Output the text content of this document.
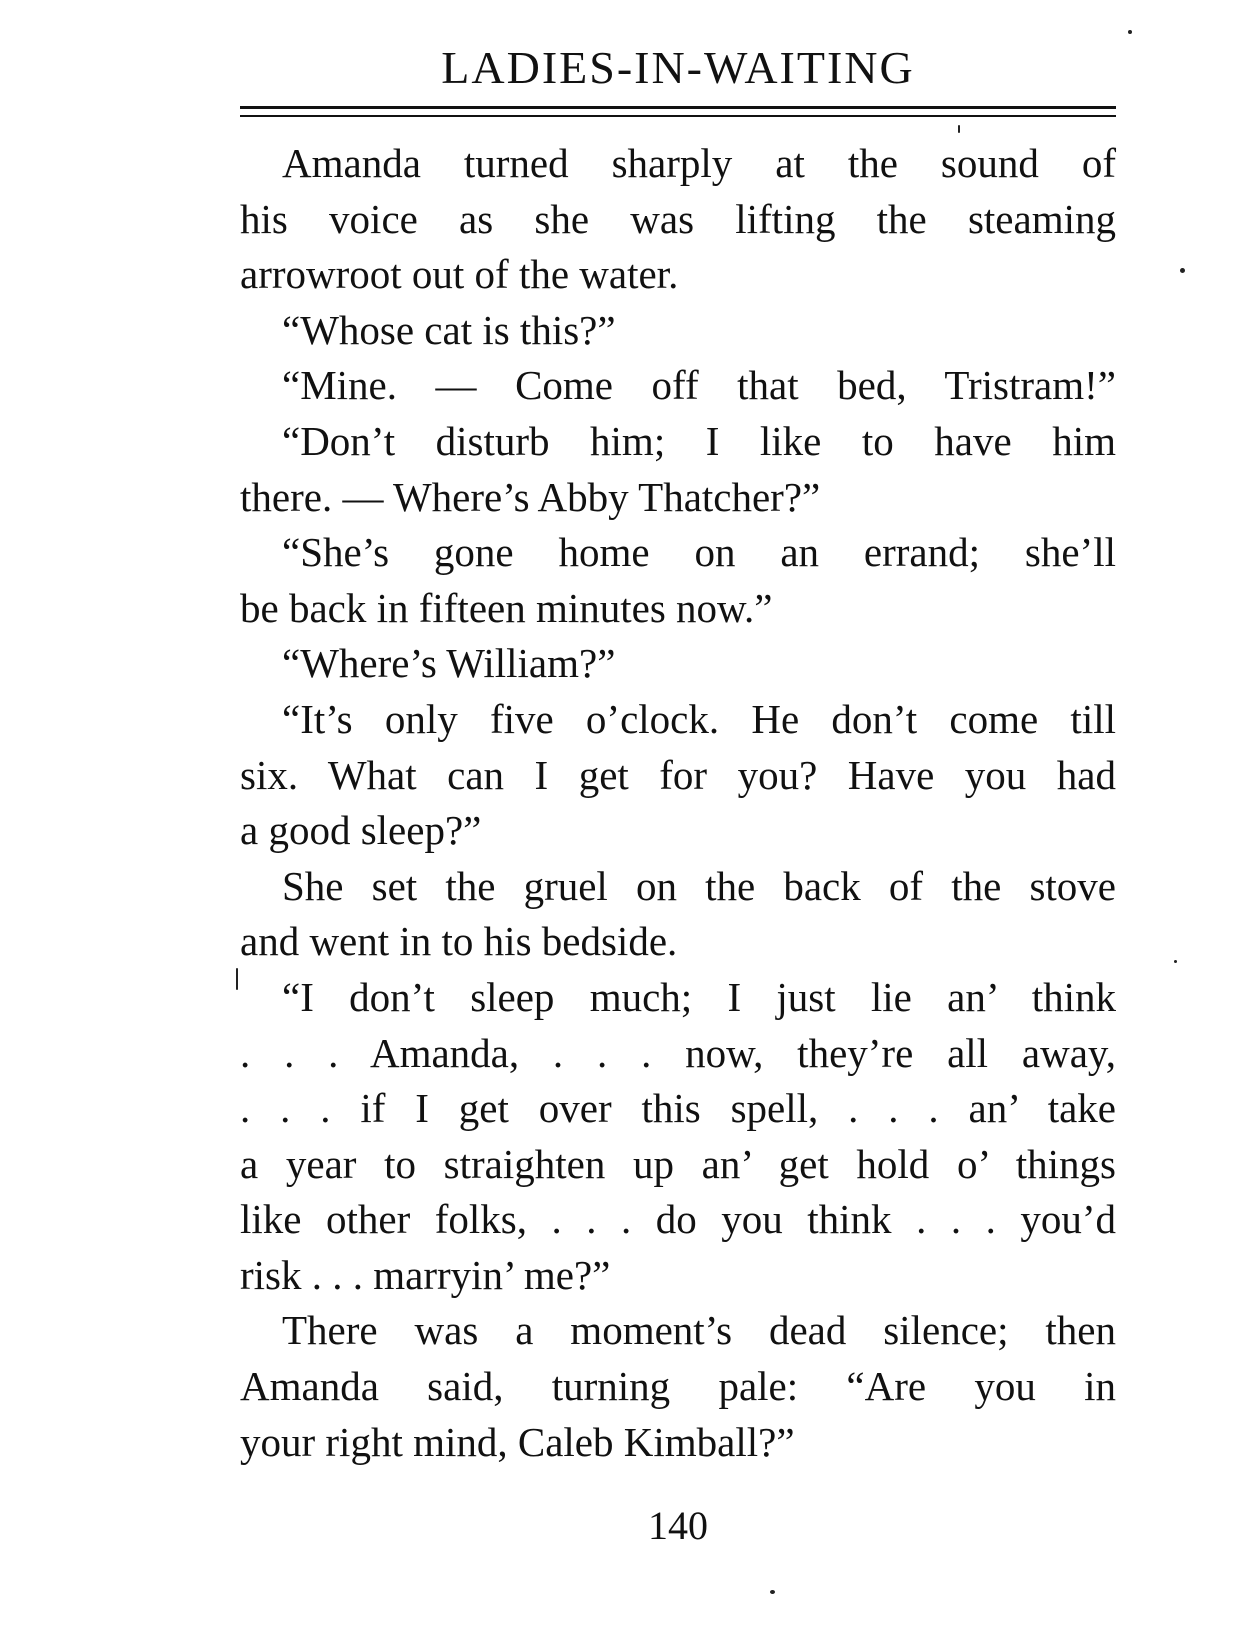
LADIES-IN-WAITING
Amanda turned sharply at the sound of
his voice as she was lifting the steaming
arrowroot out of the water.
“Whose cat is this?”
“Mine. — Come off that bed, Tristram!”
“Don’t disturb him; I like to have him
there. — Where’s Abby Thatcher?”
“She’s gone home on an errand; she’ll
be back in fifteen minutes now.”
“Where’s William?”
“It’s only five o’clock. He don’t come till
six. What can I get for you? Have you had
a good sleep?”
She set the gruel on the back of the stove
and went in to his bedside.
“I don’t sleep much; I just lie an’ think
. . . Amanda, . . . now, they’re all away,
. . . if I get over this spell, . . . an’ take
a year to straighten up an’ get hold o’ things
like other folks, . . . do you think . . . you’d
risk . . . marryin’ me?”
There was a moment’s dead silence; then
Amanda said, turning pale: “Are you in
your right mind, Caleb Kimball?”
140
